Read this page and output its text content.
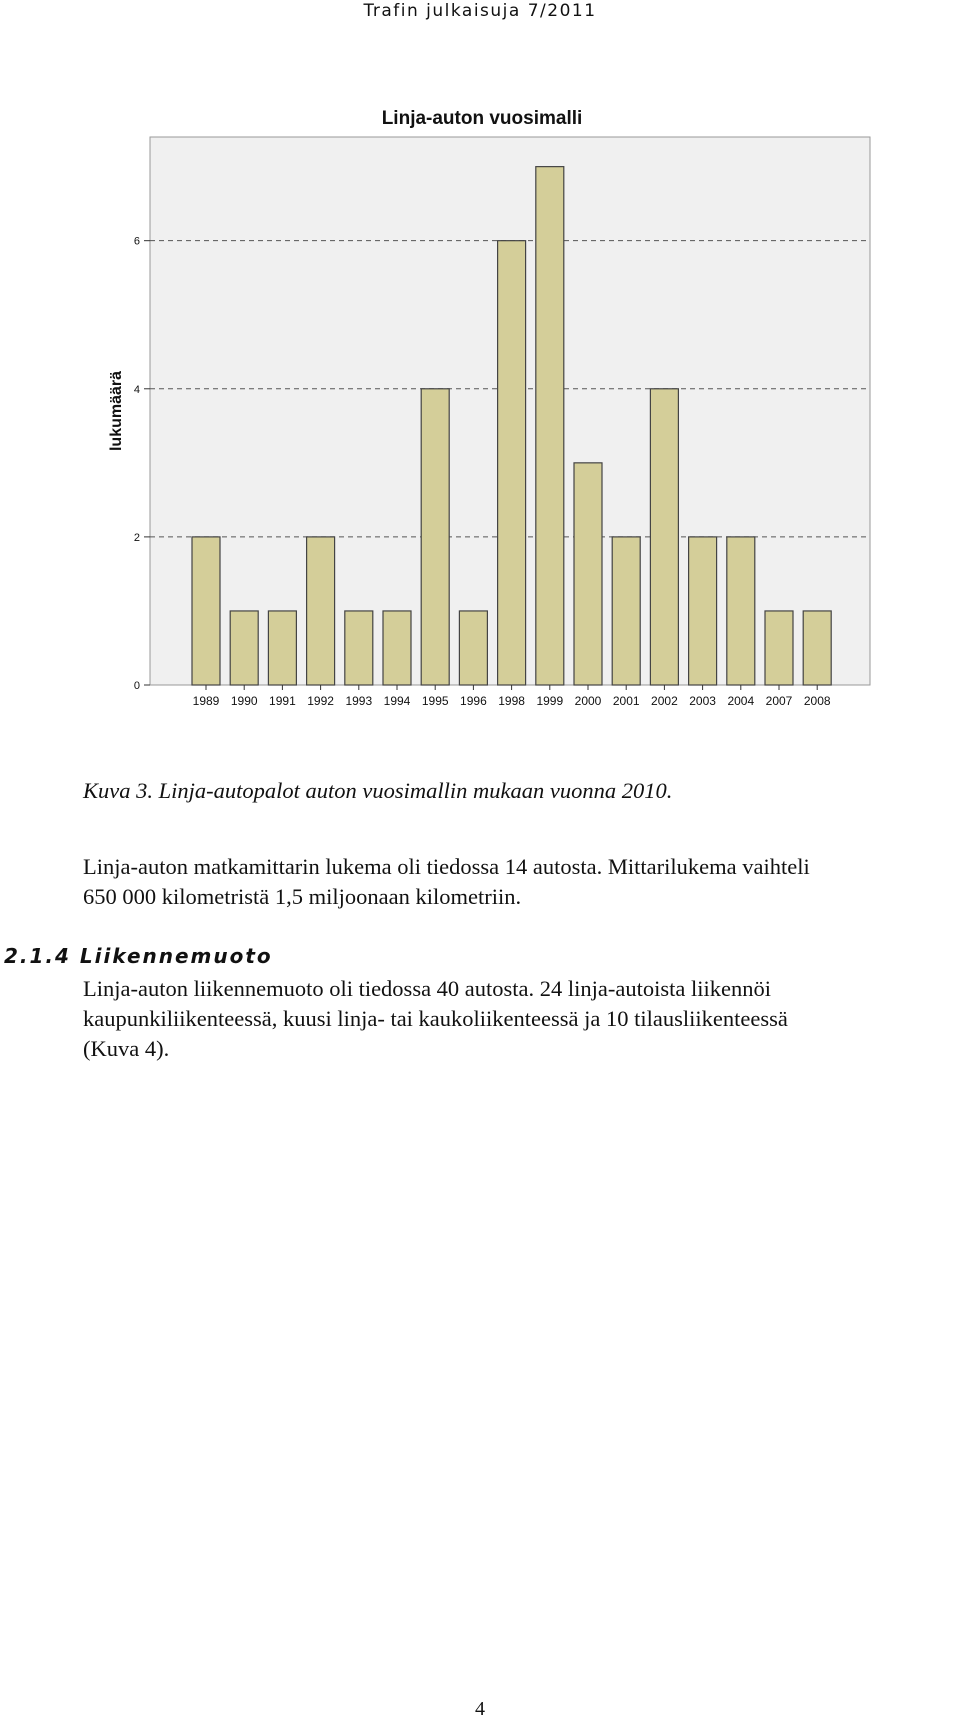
Trafin julkaisuja 7/2011
Linja-auton vuosimalli
0
2
4
6
1989 1990 1991 1992 1993 1994 1995 1996 1998 1999 2000 2001 2002 2003 2004 2007 2008
lukumäärä
Kuva 3. Linja-autopalot auton vuosimallin mukaan vuonna 2010.
Linja-auton matkamittarin lukema oli tiedossa 14 autosta. Mittarilukema vaihteli
650 000 kilometristä 1,5 miljoonaan kilometriin.
2.1.4 Liikennemuoto
Linja-auton liikennemuoto oli tiedossa 40 autosta. 24 linja-autoista liikennöi
kaupunkiliikenteessä, kuusi linja- tai kaukoliikenteessä ja 10 tilausliikenteessä
(Kuva 4).
4
